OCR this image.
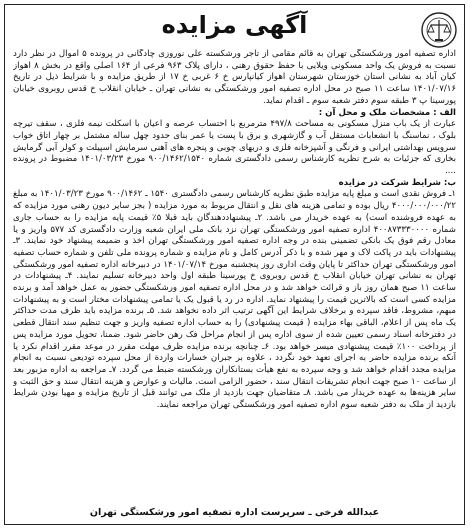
آگهی مزایده

اداره تصفیه امور ورشکستگی تهران به قائم مقامی از تاجر ورشکسته علی نوروزی چادگانی در پرونده ۵ اموال در نظر دارد نسبت به فروش یک واحد مسکونی ویلایی با حفظ حقوق رهنی ، دارای پلاک ۹۶۳ فرعی از ۱۶۴ اصلی واقع در بخش ۸ اهواز کیان آباد به نشانی استان خوزستان شهرستان اهواز کیانپارس خ ۶ غربی خ ۱۷ از طریق مزایده و با شرایط ذیل در تاریخ ۱۴۰۱/۰۷/۱۶ ساعت ۱۱ صبح در محل اداره تصفیه امور ورشکستگی به نشانی تهران ـ خیابان انقلاب خ قدس روبروی خیابان پورسینا پ ۳ طبقه سوم دفتر شعبه سوم ـ اقدام نماید.

الف : مشخصات ملک و محل آن :

عبارت از یک باب منزل مسکونی به مساحت ۴۹۷/۸ مترمربع با احتساب عرصه و اعیان با اسکلت نیمه فلزی ، سقف تیرچه بلوک ، نماسنگ با انشعابات مستقل آب و گازشهری و برق با پست یا عمر بنای حدود چهل ساله مشتمل بر چهار اتاق خواب سرویس بهداشتی ایرانی و فرنگی و آشپزخانه فلزی و دربهای چوبی و پنجره های آهنی سرمایش اسپیلت و کولر آبی گرمایش بخاری که جزئیات به شرح نظریه کارشناس رسمی دادگستری شماره ۹۰۰/۱۴۶۲/۱۵۴۰ مورخ ۱۴۰۱/۰۳/۲۳ مضبوط در پرونده ....

ب: شرایط شرکت در مزایده

۱ـ فروش نقدی است و مبلغ پایه مزایده طبق نظریه کارشناس رسمی دادگستری ۱۵۴۰ ـ ۹۰۰/۱۴۶۲ مورخ ۱۴۰۱/۰۳/۲۳ به مبلغ ۴۰۰۰/۰۰۰/۰۰۰/۲۲ ریال بوده و تمامی هزینه های نقل و انتقال مربوط به مورد مزایده ( بجز سایر دیون رهنی مورد مزایده که به عهده فروشنده است) به عهده خریدار می باشد. ۲ـ پیشنهاددهندگان باید قبلا ۵٪ قیمت پایه مزایده را به حساب جاری شماره ۴۰۰۸۷۳۳۳۰۰۰۰ اداره تصفیه امور ورشکستگی تهران نزد بانک ملی ایران شعبه وزارت دادگستری کد ۵۷۷ واریز و یا معادل رقم فوق یک بانکی تضمینی بنده در وجه اداره تصفیه امور ورشکستگی تهران اخذ و ضمیمه پیشنهاد خود نمایند. ۳ـ پیشنهادات باید در پاکت لاک و مهر شده و با ذکر آدرس کامل و نام مزایده و شماره پرونده ملی تلفن و شماره حساب تصفیه امور ورشکستگی تهران حداکثر تا پایان وقت اداری روز پنجشنبه مورخ ۱۴۰۱/۰۷/۱۴ در دبیرخانه اداره تصفیه امور ورشکستگی تهران به نشانی تهران خیابان انقلاب خ قدس روبروی خ پورسینا طبقه اول واحد دبیرخانه تسلیم نمایند. ۴ـ پیشنهادات در ساعت ۱۱ صبح همان روز باز و قرائت خواهد شد و در محل اداره تصفیه امور ورشکستگی حضور به عمل خواهد آمد و برنده مزایده کسی است که بالاترین قیمت را پیشنهاد نماید. اداره در رد یا قبول یک یا تمامی پیشنهادات مختار است و به پیشنهادات مبهم، مشروط، فاقد سپرده و برخلاف شرایط این آگهی ترتیب اثر داده نخواهد شد. ۵ـ برنده مزایده باید ظرف مدت حداکثر یک ماه پس از اعلام، الباقی بهاء مزایده ( قیمت پیشنهادی) را به حساب اداره تصفیه واریز و جهت تنظیم سند انتقال قطعی در دفترخانه اسناد رسمی تعیین شده از سوی اداره پس از انجام مراحل فک رهن حاضر شود. ضمنا، تحویل مورد مزایده پس از پرداخت ۱۰۰٪ قیمت پیشنهادی میسر خواهد بود. ۶ـ چنانچه برنده مزایده ظرف مهلت مقرر در موعد مقرر اقدام نکرد یا آنکه برنده مزایده حاضر به اجرای تعهد خود نگردد ، علاوه بر جبران خسارات واردة از محل سپرده تودیعی نسبت به انجام مزایده مجدد اقدام خواهد شد و وجه سپرده به نفع هیأت بستانکاران ورشکسته ضبط می گردد. ۷ـ مراجعه به اداره مزبور بعد از ساعت ۱۰ صبح جهت انجام تشریفات انتقال سند ، حضور الزامی است. مالیات و عوارض و هزینه انتقال سند و حق الثبت و سایر هزینه‌ها به عهده خریدار می باشد. ۸ـ متقاضیان جهت بازدید از ملک می توانند قبل از تاریخ مزایده و مهیا بودن شرایط بازدید از ملک به دفتر شعبه سوم اداره تصفیه امور ورشکستگی تهران مراجعه نمایند.

عبدالله فرخی ـ سرپرست اداره تصفیه امور ورشکستگی تهران
